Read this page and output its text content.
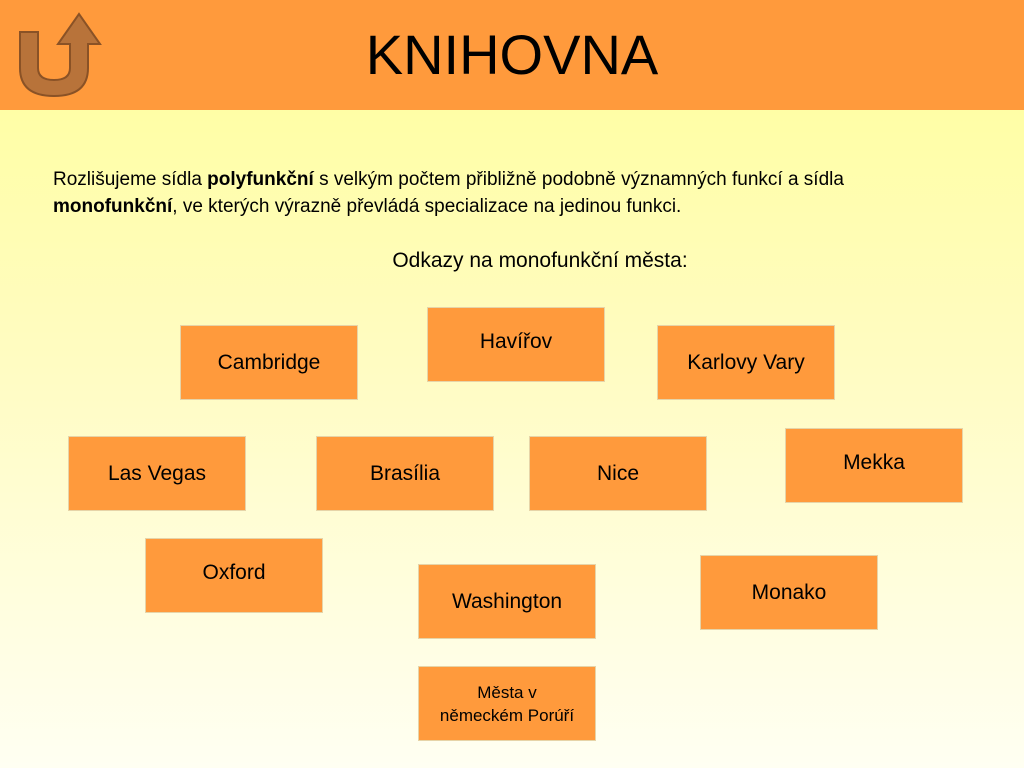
KNIHOVNA
Rozlišujeme sídla polyfunkční s velkým počtem přibližně podobně významných funkcí a sídla monofunkční, ve kterých výrazně převládá specializace na jedinou funkci.
Odkazy na monofunkční města:
Havířov
Cambridge	Karlovy Vary
Las Vegas	Brasília	Nice	Mekka
Oxford
Washington	Monako
Města v
německém Porúří
